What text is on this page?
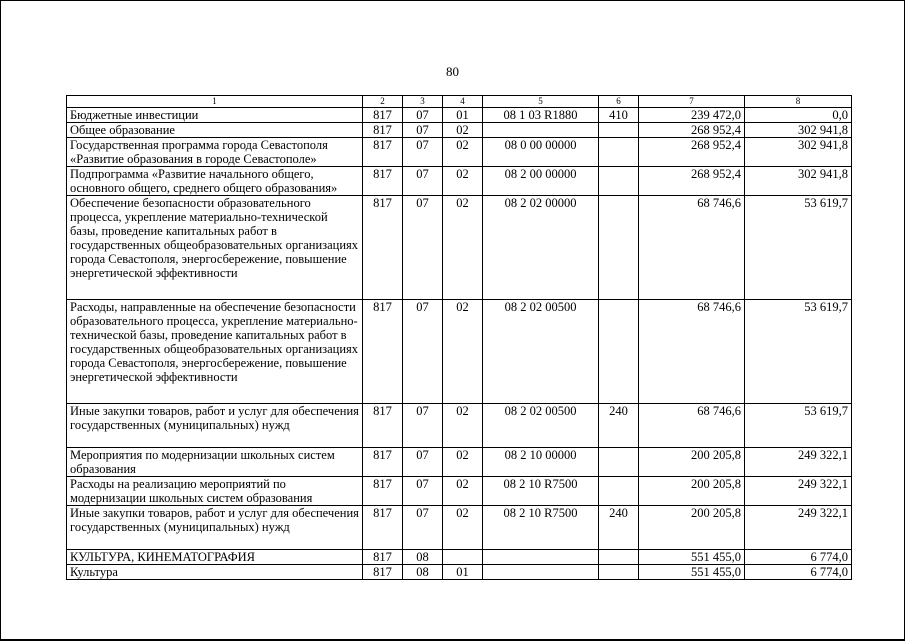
80
1	2	3	4	5	6	7	8
Бюджетные инвестиции	817	07	01	08 1 03 R1880	410	239 472,0	0,0
Общее образование	817	07	02			268 952,4	302 941,8
Государственная программа города Севастополя «Развитие образования в городе Севастополе»	817	07	02	08 0 00 00000		268 952,4	302 941,8
Подпрограмма «Развитие начального общего, основного общего, среднего общего образования»	817	07	02	08 2 00 00000		268 952,4	302 941,8
Обеспечение безопасности образовательного процесса, укрепление материально-технической базы, проведение капитальных работ в государственных общеобразовательных организациях города Севастополя, энергосбережение, повышение энергетической эффективности	817	07	02	08 2 02 00000		68 746,6	53 619,7
Расходы, направленные на обеспечение безопасности образовательного процесса, укрепление материально-технической базы, проведение капитальных работ в государственных общеобразовательных организациях города Севастополя, энергосбережение, повышение энергетической эффективности	817	07	02	08 2 02 00500		68 746,6	53 619,7
Иные закупки товаров, работ и услуг для обеспечения государственных (муниципальных) нужд	817	07	02	08 2 02 00500	240	68 746,6	53 619,7
Мероприятия по модернизации школьных систем образования	817	07	02	08 2 10 00000		200 205,8	249 322,1
Расходы на реализацию мероприятий по модернизации школьных систем образования	817	07	02	08 2 10 R7500		200 205,8	249 322,1
Иные закупки товаров, работ и услуг для обеспечения государственных (муниципальных) нужд	817	07	02	08 2 10 R7500	240	200 205,8	249 322,1
КУЛЬТУРА, КИНЕМАТОГРАФИЯ	817	08				551 455,0	6 774,0
Культура	817	08	01			551 455,0	6 774,0
